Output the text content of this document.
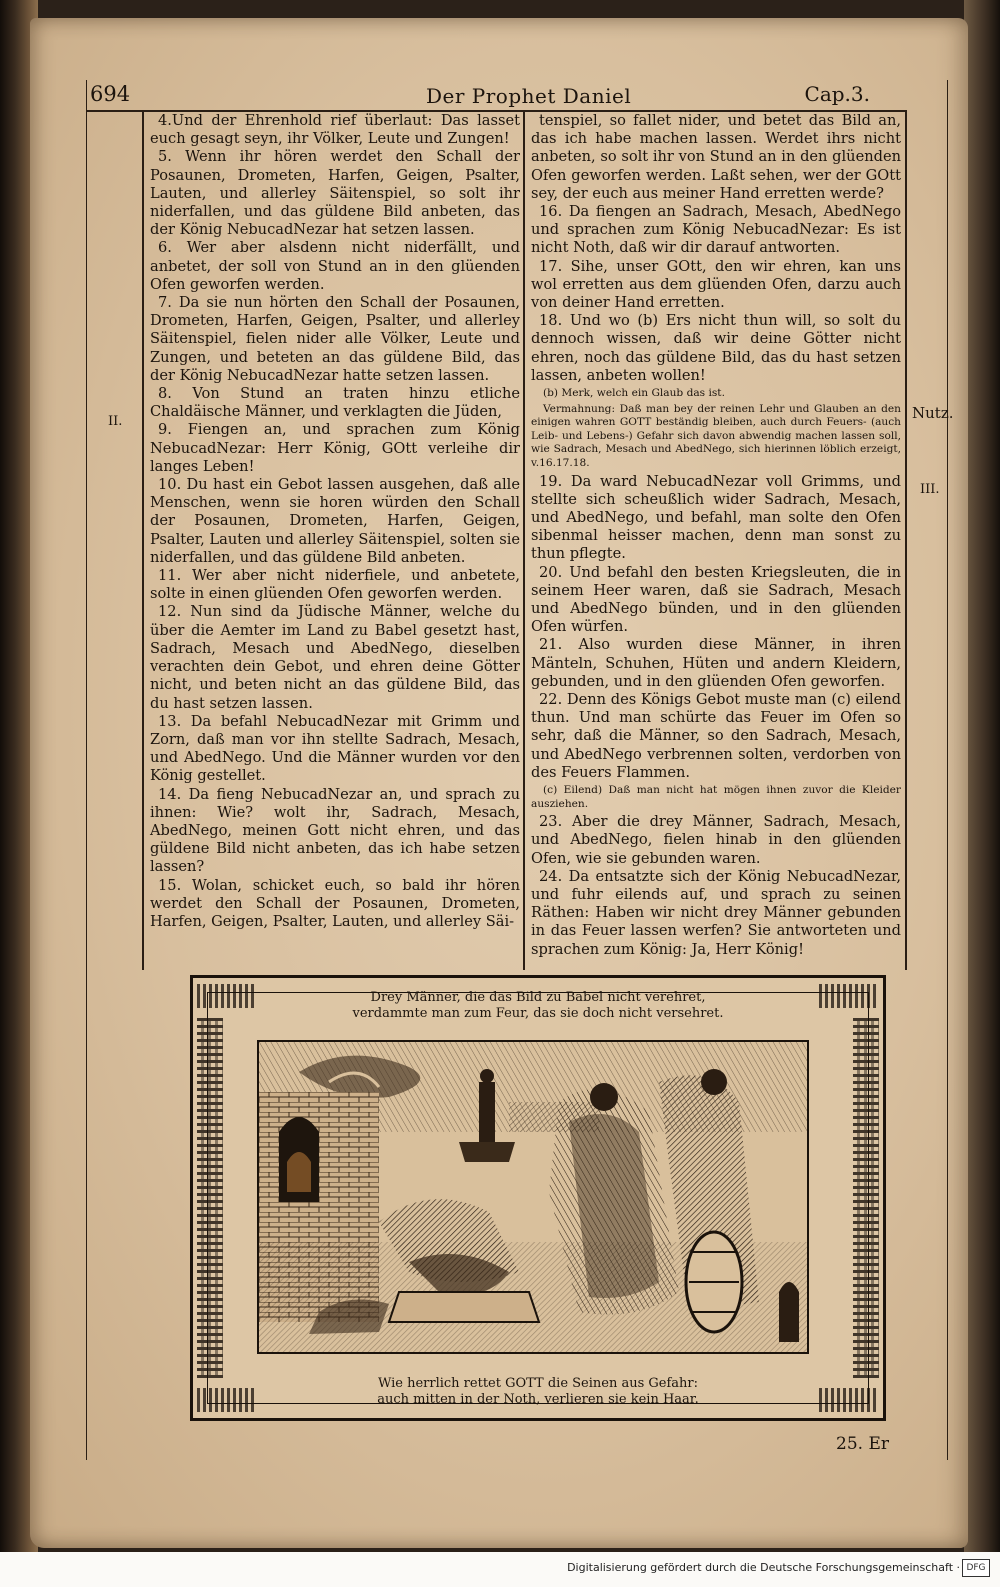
694	Der Prophet Daniel	Cap.3.
II.	Nutz.
III.

4.Und der Ehrenhold rief überlaut: Das lasset euch gesagt seyn, ihr Völker, Leute und Zungen!

5. Wenn ihr hören werdet den Schall der Posaunen, Drometen, Harfen, Geigen, Psalter, Lauten, und allerley Säitenspiel, so solt ihr niderfallen, und das güldene Bild anbeten, das der König NebucadNezar hat setzen lassen.

6. Wer aber alsdenn nicht niderfällt, und anbetet, der soll von Stund an in den glüenden Ofen geworfen werden.

7. Da sie nun hörten den Schall der Posaunen, Drometen, Harfen, Geigen, Psalter, und allerley Säitenspiel, fielen nider alle Völker, Leute und Zungen, und beteten an das güldene Bild, das der König NebucadNezar hatte setzen lassen.

8. Von Stund an traten hinzu etliche Chaldäische Männer, und verklagten die Jüden,

9. Fiengen an, und sprachen zum König NebucadNezar: Herr König, GOtt verleihe dir langes Leben!

10. Du hast ein Gebot lassen ausgehen, daß alle Menschen, wenn sie horen würden den Schall der Posaunen, Drometen, Harfen, Geigen, Psalter, Lauten und allerley Säitenspiel, solten sie niderfallen, und das güldene Bild anbeten.

11. Wer aber nicht niderfiele, und anbetete, solte in einen glüenden Ofen geworfen werden.

12. Nun sind da Jüdische Männer, welche du über die Aemter im Land zu Babel gesetzt hast, Sadrach, Mesach und AbedNego, dieselben verachten dein Gebot, und ehren deine Götter nicht, und beten nicht an das güldene Bild, das du hast setzen lassen.

13. Da befahl NebucadNezar mit Grimm und Zorn, daß man vor ihn stellte Sadrach, Mesach, und AbedNego. Und die Männer wurden vor den König gestellet.

14. Da fieng NebucadNezar an, und sprach zu ihnen: Wie? wolt ihr, Sadrach, Mesach, AbedNego, meinen Gott nicht ehren, und das güldene Bild nicht anbeten, das ich habe setzen lassen?

15. Wolan, schicket euch, so bald ihr hören werdet den Schall der Posaunen, Drometen, Harfen, Geigen, Psalter, Lauten, und allerley Säi-

tenspiel, so fallet nider, und betet das Bild an, das ich habe machen lassen. Werdet ihrs nicht anbeten, so solt ihr von Stund an in den glüenden Ofen geworfen werden. Laßt sehen, wer der GOtt sey, der euch aus meiner Hand erretten werde?

16. Da fiengen an Sadrach, Mesach, AbedNego und sprachen zum König NebucadNezar: Es ist nicht Noth, daß wir dir darauf antworten.

17. Sihe, unser GOtt, den wir ehren, kan uns wol erretten aus dem glüenden Ofen, darzu auch von deiner Hand erretten.

18. Und wo (b) Ers nicht thun will, so solt du dennoch wissen, daß wir deine Götter nicht ehren, noch das güldene Bild, das du hast setzen lassen, anbeten wollen!

(b) Merk, welch ein Glaub das ist.

Vermahnung: Daß man bey der reinen Lehr und Glauben an den einigen wahren GOTT beständig bleiben, auch durch Feuers- (auch Leib- und Lebens-) Gefahr sich davon abwendig machen lassen soll, wie Sadrach, Mesach und AbedNego, sich hierinnen löblich erzeigt, v.16.17.18.

19. Da ward NebucadNezar voll Grimms, und stellte sich scheußlich wider Sadrach, Mesach, und AbedNego, und befahl, man solte den Ofen sibenmal heisser machen, denn man sonst zu thun pflegte.

20. Und befahl den besten Kriegsleuten, die in seinem Heer waren, daß sie Sadrach, Mesach und AbedNego bünden, und in den glüenden Ofen würfen.

21. Also wurden diese Männer, in ihren Mänteln, Schuhen, Hüten und andern Kleidern, gebunden, und in den glüenden Ofen geworfen.

22. Denn des Königs Gebot muste man (c) eilend thun. Und man schürte das Feuer im Ofen so sehr, daß die Männer, so den Sadrach, Mesach, und AbedNego verbrennen solten, verdorben von des Feuers Flammen.

(c) Eilend) Daß man nicht hat mögen ihnen zuvor die Kleider ausziehen.

23. Aber die drey Männer, Sadrach, Mesach, und AbedNego, fielen hinab in den glüenden Ofen, wie sie gebunden waren.

24. Da entsatzte sich der König NebucadNezar, und fuhr eilends auf, und sprach zu seinen Räthen: Haben wir nicht drey Männer gebunden in das Feuer lassen werfen? Sie antworteten und sprachen zum König: Ja, Herr König!

Drey Männer, die das Bild zu Babel nicht verehret,
verdammte man zum Feur, das sie doch nicht versehret.
Wie herrlich rettet GOTT die Seinen aus Gefahr:
auch mitten in der Noth, verlieren sie kein Haar.
25. Er
Digitalisierung gefördert durch die Deutsche Forschungsgemeinschaft · DFG
